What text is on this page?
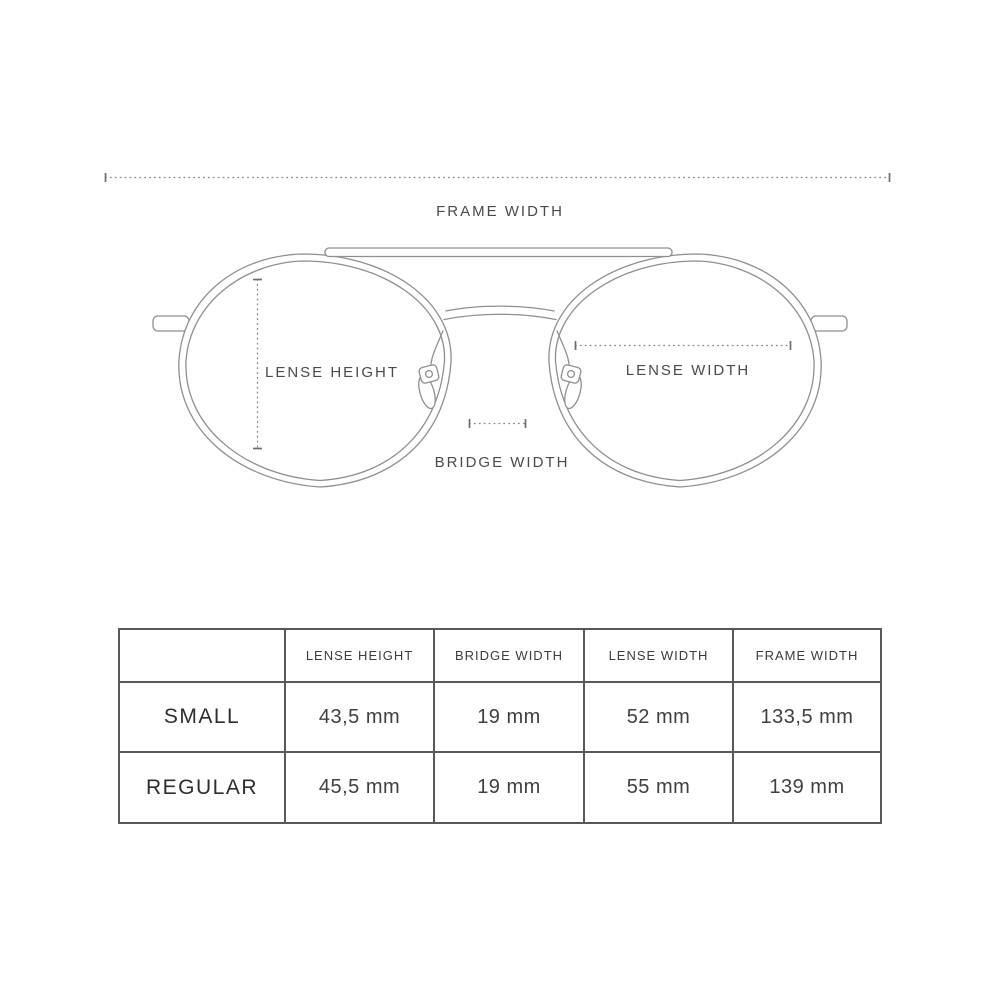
FRAME WIDTH
LENSE HEIGHT	LENSE WIDTH
BRIDGE WIDTH
	LENSE HEIGHT	BRIDGE WIDTH	LENSE WIDTH	FRAME WIDTH
SMALL	43,5 mm	19 mm	52 mm	133,5 mm
REGULAR	45,5 mm	19 mm	55 mm	139 mm
